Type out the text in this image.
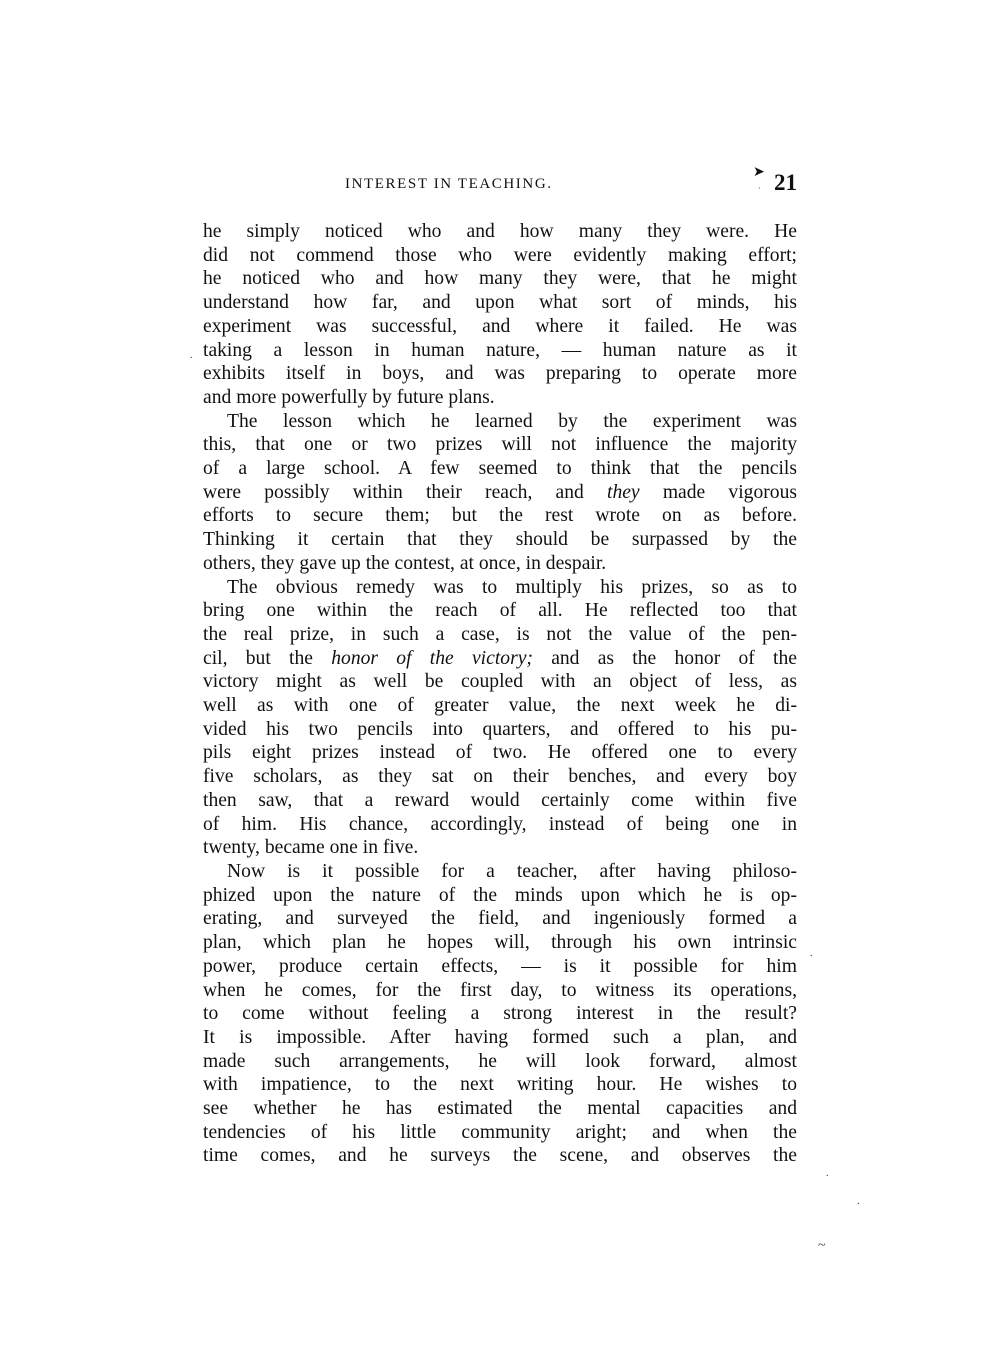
INTEREST IN TEACHING.
➤
· 21
he simply noticed who and how many they were. He
did not commend those who were evidently making effort;
he noticed who and how many they were, that he might
understand how far, and upon what sort of minds, his
experiment was successful, and where it failed. He was
taking a lesson in human nature, — human nature as it
exhibits itself in boys, and was preparing to operate more
and more powerfully by future plans.
The lesson which he learned by the experiment was
this, that one or two prizes will not influence the majority
of a large school. A few seemed to think that the pencils
were possibly within their reach, and they made vigorous
efforts to secure them; but the rest wrote on as before.
Thinking it certain that they should be surpassed by the
others, they gave up the contest, at once, in despair.
The obvious remedy was to multiply his prizes, so as to
bring one within the reach of all. He reflected too that
the real prize, in such a case, is not the value of the pen-
cil, but the honor of the victory; and as the honor of the
victory might as well be coupled with an object of less, as
well as with one of greater value, the next week he di-
vided his two pencils into quarters, and offered to his pu-
pils eight prizes instead of two. He offered one to every
five scholars, as they sat on their benches, and every boy
then saw, that a reward would certainly come within five
of him. His chance, accordingly, instead of being one in
twenty, became one in five.
Now is it possible for a teacher, after having philoso-
phized upon the nature of the minds upon which he is op-
erating, and surveyed the field, and ingeniously formed a
plan, which plan he hopes will, through his own intrinsic
power, produce certain effects, — is it possible for him
when he comes, for the first day, to witness its operations,
to come without feeling a strong interest in the result?
It is impossible. After having formed such a plan, and
made such arrangements, he will look forward, almost
with impatience, to the next writing hour. He wishes to
see whether he has estimated the mental capacities and
tendencies of his little community aright; and when the
time comes, and he surveys the scene, and observes the
.
.
.
.
~
